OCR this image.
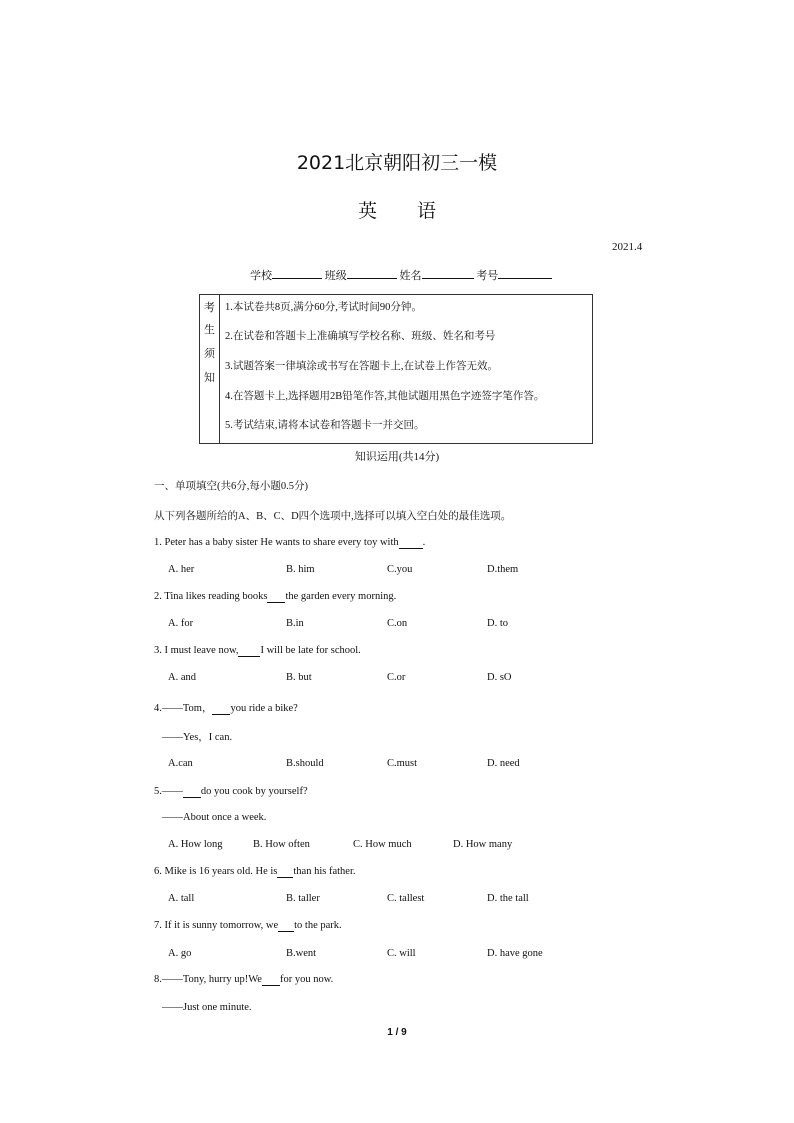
2021北京朝阳初三一模
英语
2021.4
学校	班级	姓名	考号
考
生
须
知
1.本试卷共8页,满分60分,考试时间90分钟。
2.在试卷和答题卡上准确填写学校名称、班级、姓名和考号
3.试题答案一律填涂或书写在答题卡上,在试卷上作答无效。
4.在答题卡上,选择题用2B铅笔作答,其他试题用黑色字迹签字笔作答。
5.考试结束,请将本试卷和答题卡一并交回。
知识运用(共14分)
一、单项填空(共6分,每小题0.5分)
从下列各题所给的A、B、C、D四个选项中,选择可以填入空白处的最佳选项。
1. Peter has a baby sister He wants to share every toy with .
A. her	B. him	C.you	D.them
2. Tina likes reading books the garden every morning.
A. for	B.in	C.on	D. to
3. I must leave now, I will be late for school.
A. and	B. but	C.or	D. sO
4.——Tom， you ride a bike?
——Yes，I can.
A.can	B.should	C.must	D. need
5.—— do you cook by yourself?
——About once a week.
A. How long	B. How often	C. How much	D. How many
6. Mike is 16 years old. He is than his father.
A. tall	B. taller	C. tallest	D. the tall
7. If it is sunny tomorrow, we to the park.
A. go	B.went	C. will	D. have gone
8.——Tony, hurry up!We for you now.
——Just one minute.
1 / 9
